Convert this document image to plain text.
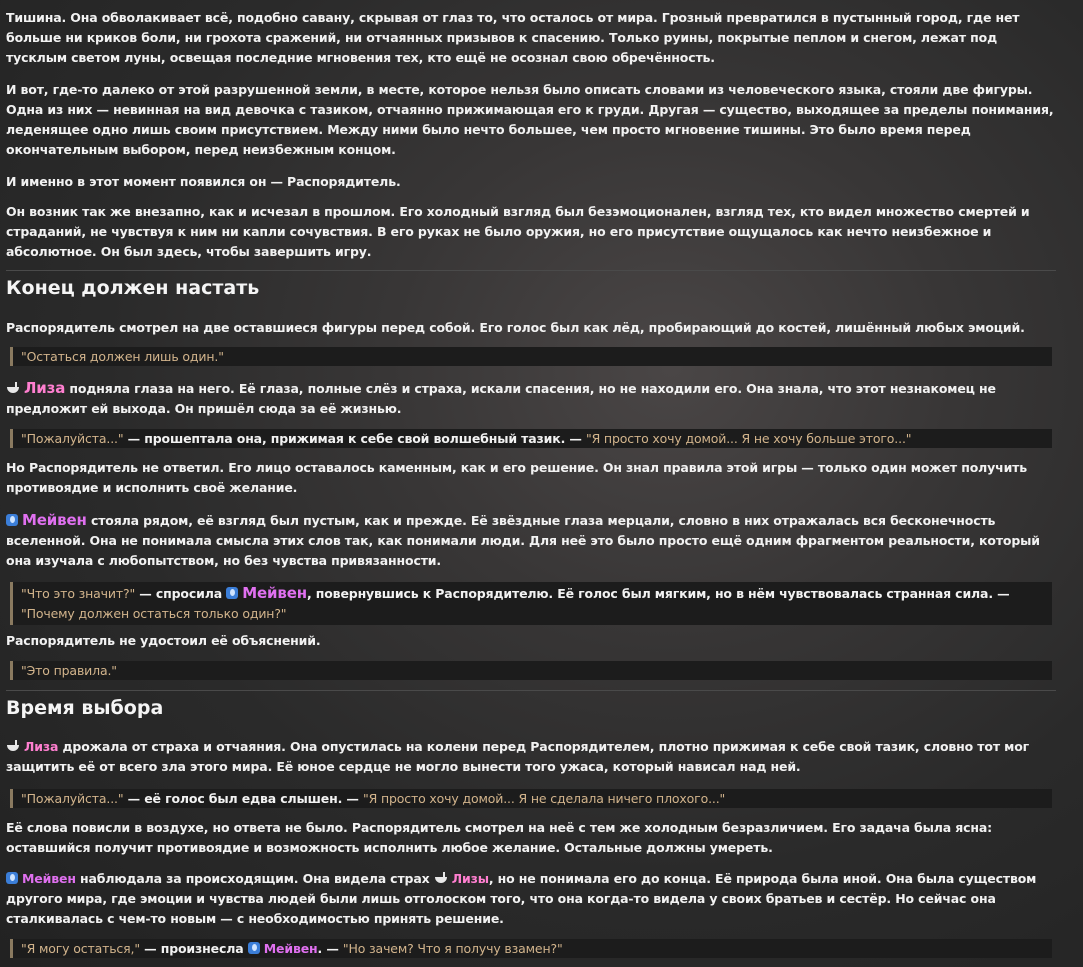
Тишина. Она обволакивает всё, подобно савану, скрывая от глаз то, что осталось от мира. Грозный превратился в пустынный город, где нет больше ни криков боли, ни грохота сражений, ни отчаянных призывов к спасению. Только руины, покрытые пеплом и снегом, лежат под тусклым светом луны, освещая последние мгновения тех, кто ещё не осознал свою обречённость.

И вот, где-то далеко от этой разрушенной земли, в месте, которое нельзя было описать словами из человеческого языка, стояли две фигуры. Одна из них — невинная на вид девочка с тазиком, отчаянно прижимающая его к груди. Другая — существо, выходящее за пределы понимания, леденящее одно лишь своим присутствием. Между ними было нечто большее, чем просто мгновение тишины. Это было время перед окончательным выбором, перед неизбежным концом.

И именно в этот момент появился он — Распорядитель.

Он возник так же внезапно, как и исчезал в прошлом. Его холодный взгляд был безэмоционален, взгляд тех, кто видел множество смертей и страданий, не чувствуя к ним ни капли сочувствия. В его руках не было оружия, но его присутствие ощущалось как нечто неизбежное и абсолютное. Он был здесь, чтобы завершить игру.

Конец должен настать

Распорядитель смотрел на две оставшиеся фигуры перед собой. Его голос был как лёд, пробирающий до костей, лишённый любых эмоций.

"Остаться должен лишь один."

Лиза подняла глаза на него. Её глаза, полные слёз и страха, искали спасения, но не находили его. Она знала, что этот незнакомец не предложит ей выхода. Он пришёл сюда за её жизнью.

"Пожалуйста..." — прошептала она, прижимая к себе свой волшебный тазик. — "Я просто хочу домой... Я не хочу больше этого..."

Но Распорядитель не ответил. Его лицо оставалось каменным, как и его решение. Он знал правила этой игры — только один может получить противоядие и исполнить своё желание.

Мейвен стояла рядом, её взгляд был пустым, как и прежде. Её звёздные глаза мерцали, словно в них отражалась вся бесконечность вселенной. Она не понимала смысла этих слов так, как понимали люди. Для неё это было просто ещё одним фрагментом реальности, который она изучала с любопытством, но без чувства привязанности.

"Что это значит?" — спросила Мейвен, повернувшись к Распорядителю. Её голос был мягким, но в нём чувствовалась странная сила. — "Почему должен остаться только один?"

Распорядитель не удостоил её объяснений.

"Это правила."
Время выбора

Лиза дрожала от страха и отчаяния. Она опустилась на колени перед Распорядителем, плотно прижимая к себе свой тазик, словно тот мог защитить её от всего зла этого мира. Её юное сердце не могло вынести того ужаса, который нависал над ней.

"Пожалуйста..." — её голос был едва слышен. — "Я просто хочу домой... Я не сделала ничего плохого..."

Её слова повисли в воздухе, но ответа не было. Распорядитель смотрел на неё с тем же холодным безразличием. Его задача была ясна: оставшийся получит противоядие и возможность исполнить любое желание. Остальные должны умереть.

Мейвен наблюдала за происходящим. Она видела страх Лизы, но не понимала его до конца. Её природа была иной. Она была существом другого мира, где эмоции и чувства людей были лишь отголоском того, что она когда-то видела у своих братьев и сестёр. Но сейчас она сталкивалась с чем-то новым — с необходимостью принять решение.

"Я могу остаться," — произнесла Мейвен. — "Но зачем? Что я получу взамен?"
